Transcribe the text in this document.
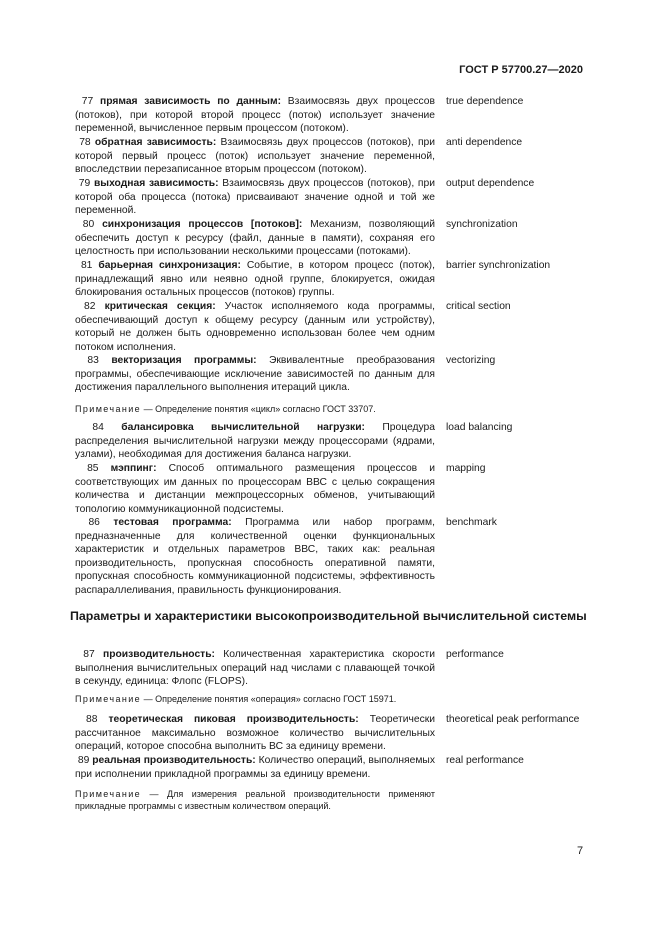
ГОСТ Р 57700.27—2020
77 прямая зависимость по данным: Взаимосвязь двух процессов (потоков), при которой второй процесс (поток) использует значение переменной, вычисленное первым процессом (потоком).
true dependence
78 обратная зависимость: Взаимосвязь двух процессов (потоков), при которой первый процесс (поток) использует значение переменной, впоследствии перезаписанное вторым процессом (потоком).
anti dependence
79 выходная зависимость: Взаимосвязь двух процессов (потоков), при которой оба процесса (потока) присваивают значение одной и той же переменной.
output dependence
80 синхронизация процессов [потоков]: Механизм, позволяющий обеспечить доступ к ресурсу (файл, данные в памяти), сохраняя его целостность при использовании несколькими процессами (потоками).
synchronization
81 барьерная синхронизация: Событие, в котором процесс (поток), принадлежащий явно или неявно одной группе, блокируется, ожидая блокирования остальных процессов (потоков) группы.
barrier synchronization
82 критическая секция: Участок исполняемого кода программы, обеспечивающий доступ к общему ресурсу (данным или устройству), который не должен быть одновременно использован более чем одним потоком исполнения.
critical section
83 векторизация программы: Эквивалентные преобразования программы, обеспечивающие исключение зависимостей по данным для достижения параллельного выполнения итераций цикла.
vectorizing
Примечание — Определение понятия «цикл» согласно ГОСТ 33707.
84 балансировка вычислительной нагрузки: Процедура распределения вычислительной нагрузки между процессорами (ядрами, узлами), необходимая для достижения баланса нагрузки.
load balancing
85 мэппинг: Способ оптимального размещения процессов и соответствующих им данных по процессорам ВВС с целью сокращения количества и дистанции межпроцессорных обменов, учитывающий топологию коммуникационной подсистемы.
mapping
86 тестовая программа: Программа или набор программ, предназначенные для количественной оценки функциональных характеристик и отдельных параметров ВВС, таких как: реальная производительность, пропускная способность оперативной памяти, пропускная способность коммуникационной подсистемы, эффективность распараллеливания, правильность функционирования.
benchmark
Параметры и характеристики высокопроизводительной вычислительной системы
87 производительность: Количественная характеристика скорости выполнения вычислительных операций над числами с плавающей точкой в секунду, единица: Флопс (FLOPS).
performance
Примечание — Определение понятия «операция» согласно ГОСТ 15971.
88 теоретическая пиковая производительность: Теоретически рассчитанное максимально возможное количество вычислительных операций, которое способна выполнить ВС за единицу времени.
theoretical peak performance
89 реальная производительность: Количество операций, выполняемых при исполнении прикладной программы за единицу времени.
real performance
Примечание — Для измерения реальной производительности применяют прикладные программы с известным количеством операций.
7
